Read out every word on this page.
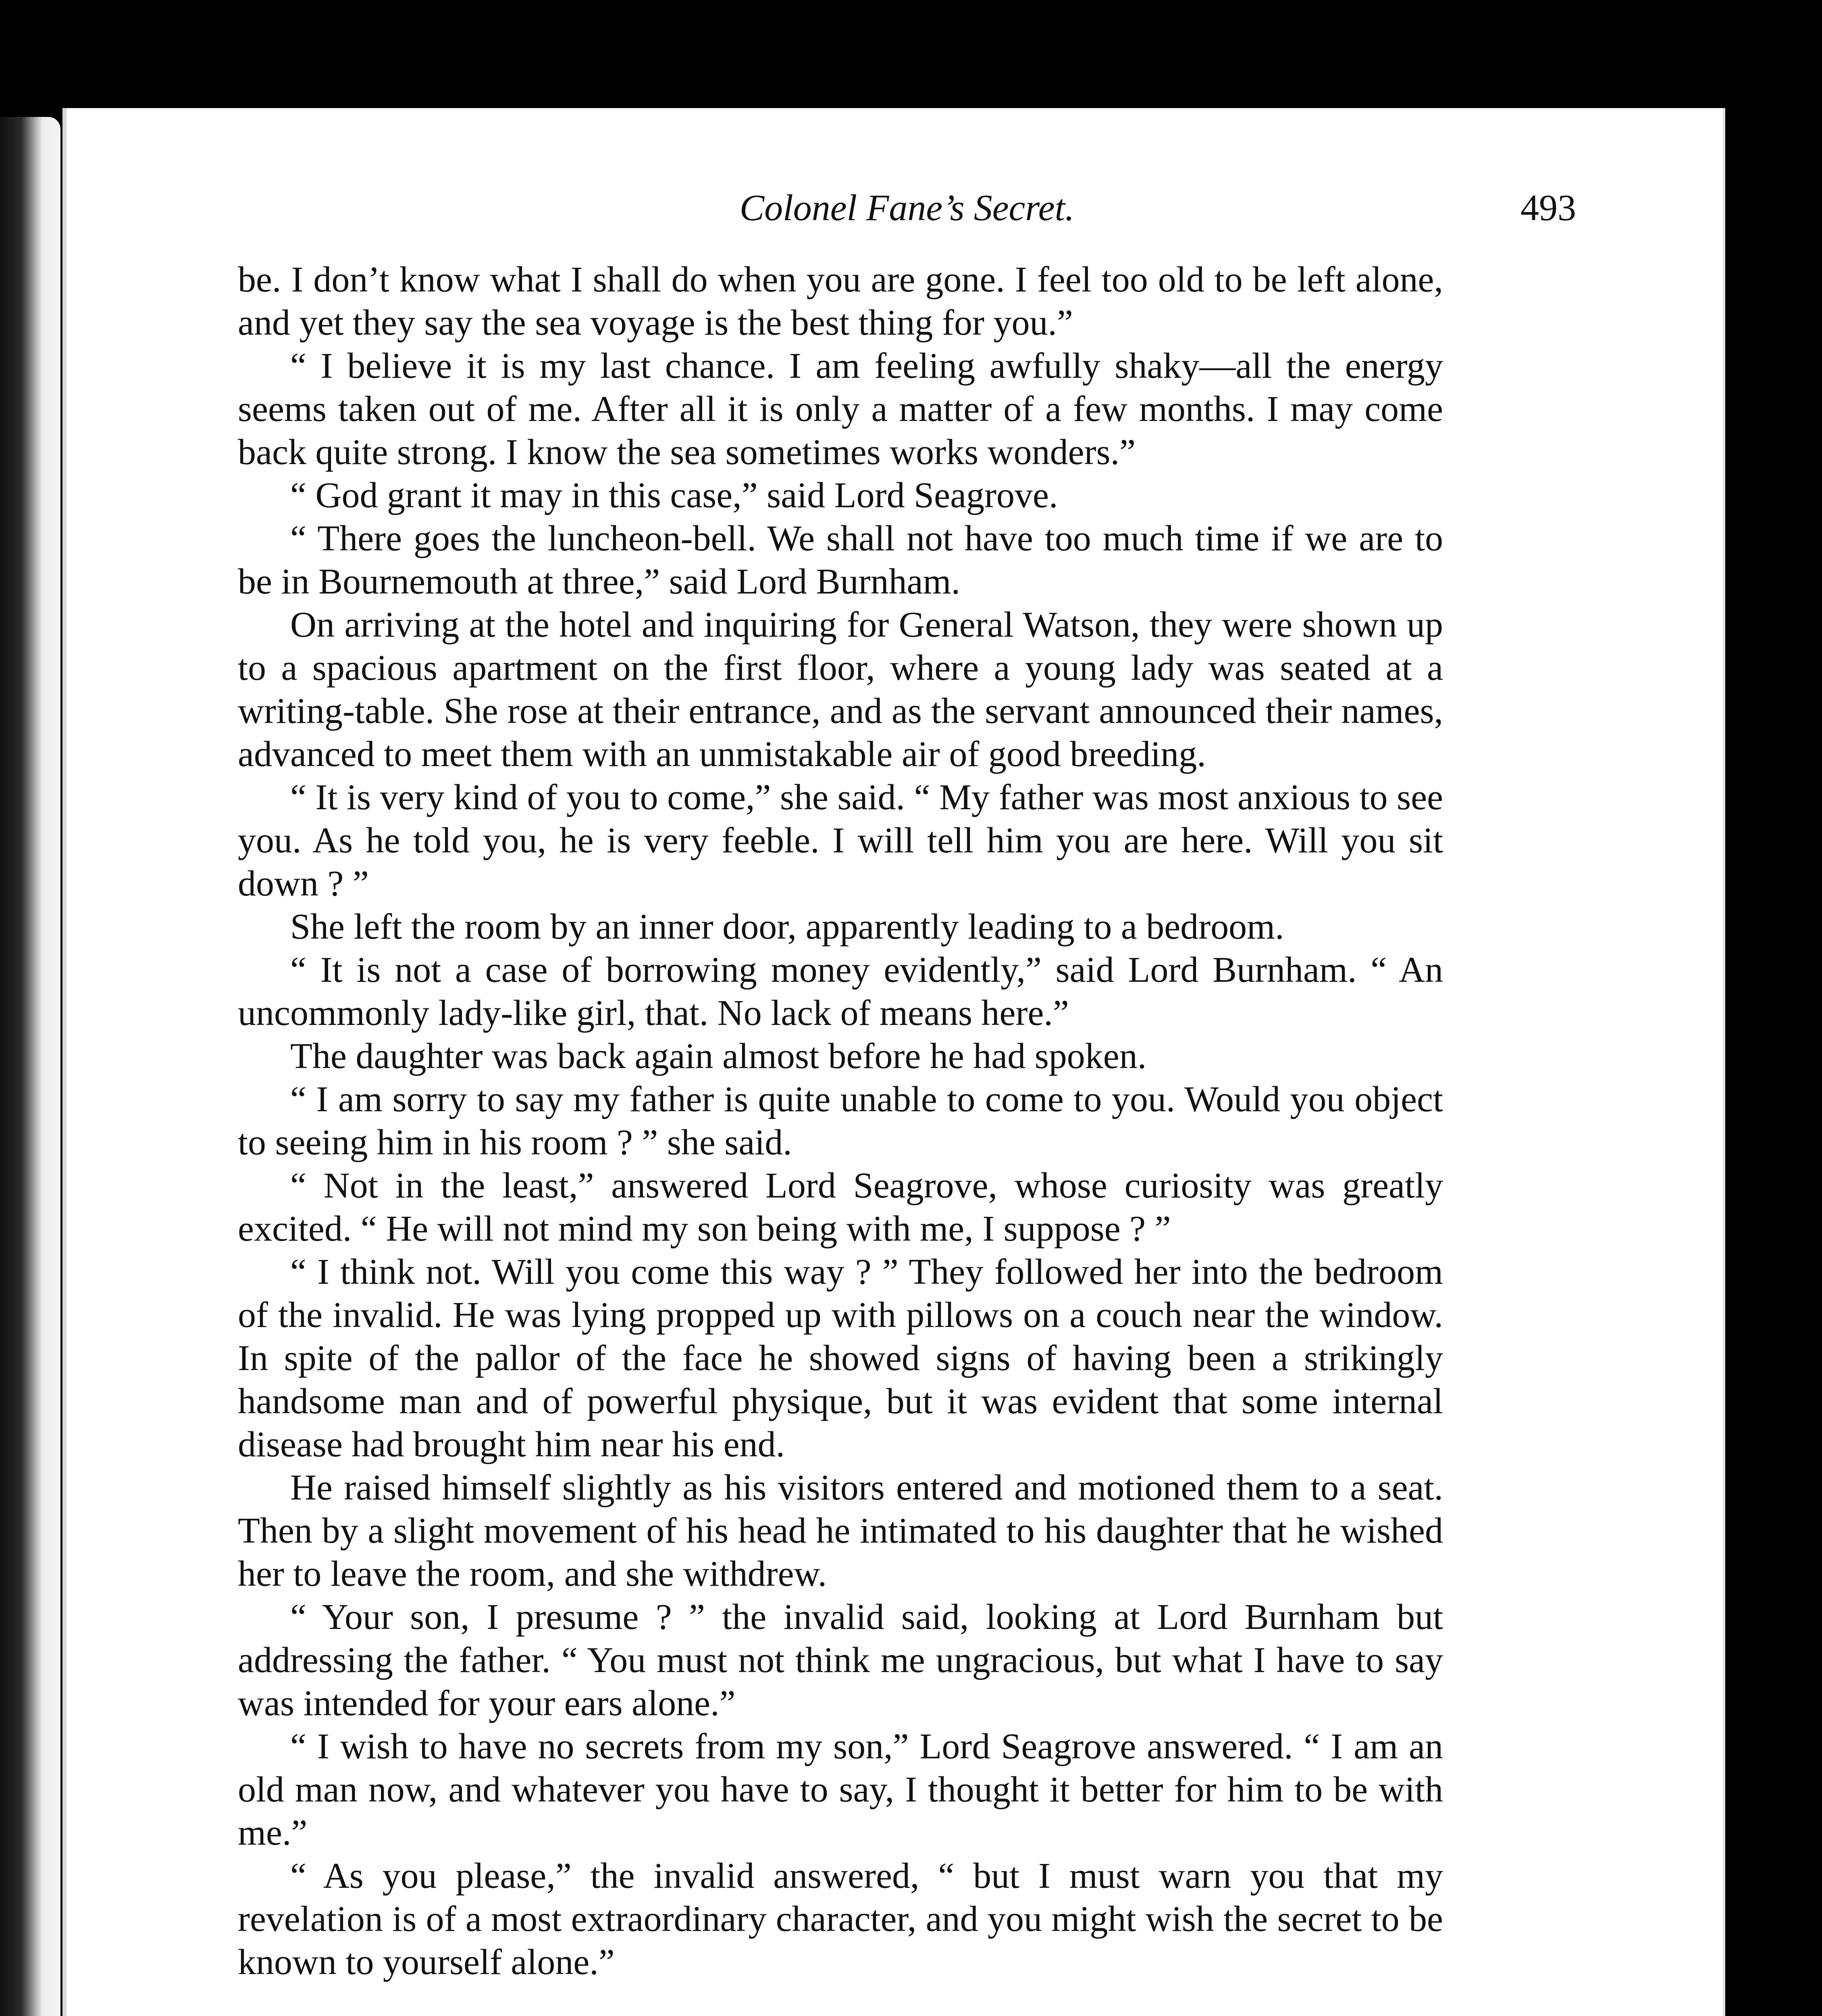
Colonel Fane’s Secret.	493

be. I don’t know what I shall do when you are gone. I feel too old to be left alone, and yet they say the sea voyage is the best thing for you.”

“ I believe it is my last chance. I am feeling awfully shaky—all the energy seems taken out of me. After all it is only a matter of a few months. I may come back quite strong. I know the sea sometimes works wonders.”

“ God grant it may in this case,” said Lord Seagrove.

“ There goes the luncheon-bell. We shall not have too much time if we are to be in Bournemouth at three,” said Lord Burnham.

On arriving at the hotel and inquiring for General Watson, they were shown up to a spacious apartment on the first floor, where a young lady was seated at a writing-table. She rose at their entrance, and as the servant announced their names, advanced to meet them with an unmistakable air of good breeding.

“ It is very kind of you to come,” she said. “ My father was most anxious to see you. As he told you, he is very feeble. I will tell him you are here. Will you sit down ? ”

She left the room by an inner door, apparently leading to a bedroom.

“ It is not a case of borrowing money evidently,” said Lord Burnham. “ An uncommonly lady-like girl, that. No lack of means here.”

The daughter was back again almost before he had spoken.

“ I am sorry to say my father is quite unable to come to you. Would you object to seeing him in his room ? ” she said.

“ Not in the least,” answered Lord Seagrove, whose curiosity was greatly excited. “ He will not mind my son being with me, I suppose ? ”

“ I think not. Will you come this way ? ” They followed her into the bedroom of the invalid. He was lying propped up with pillows on a couch near the window. In spite of the pallor of the face he showed signs of having been a strikingly handsome man and of powerful physique, but it was evident that some internal disease had brought him near his end.

He raised himself slightly as his visitors entered and motioned them to a seat. Then by a slight movement of his head he intimated to his daughter that he wished her to leave the room, and she withdrew.

“ Your son, I presume ? ” the invalid said, looking at Lord Burnham but addressing the father. “ You must not think me ungracious, but what I have to say was intended for your ears alone.”

“ I wish to have no secrets from my son,” Lord Seagrove answered. “ I am an old man now, and whatever you have to say, I thought it better for him to be with me.”

“ As you please,” the invalid answered, “ but I must warn you that my revelation is of a most extraordinary character, and you might wish the secret to be known to yourself alone.”
